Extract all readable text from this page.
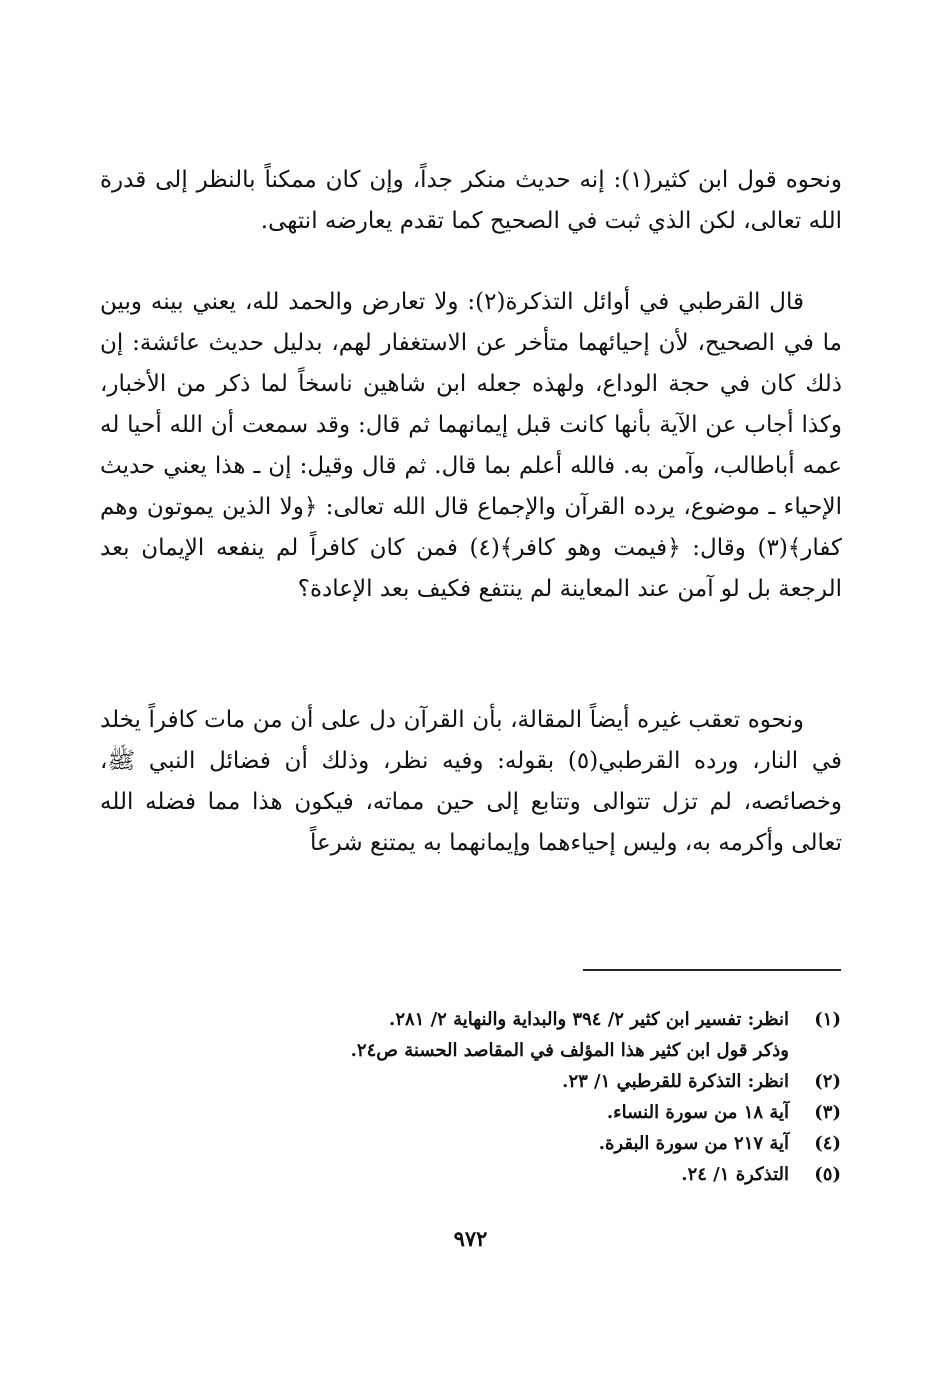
ونحوه قول ابن كثير(١): إنه حديث منكر جداً، وإن كان ممكناً بالنظر إلى قدرة الله تعالى، لكن الذي ثبت في الصحيح كما تقدم يعارضه انتهى.

قال القرطبي في أوائل التذكرة(٢): ولا تعارض والحمد لله، يعني بينه وبين ما في الصحيح، لأن إحيائهما متأخر عن الاستغفار لهم، بدليل حديث عائشة: إن ذلك كان في حجة الوداع، ولهذه جعله ابن شاهين ناسخاً لما ذكر من الأخبار، وكذا أجاب عن الآية بأنها كانت قبل إيمانهما ثم قال: وقد سمعت أن الله أحيا له عمه أباطالب، وآمن به. فالله أعلم بما قال. ثم قال وقيل: إن ـ هذا يعني حديث الإحياء ـ موضوع، يرده القرآن والإجماع قال الله تعالى: ﴿ولا الذين يموتون وهم كفار﴾(٣) وقال: ﴿فيمت وهو كافر﴾(٤) فمن كان كافراً لم ينفعه الإيمان بعد الرجعة بل لو آمن عند المعاينة لم ينتفع فكيف بعد الإعادة؟

ونحوه تعقب غيره أيضاً المقالة، بأن القرآن دل على أن من مات كافراً يخلد في النار، ورده القرطبي(٥) بقوله: وفيه نظر، وذلك أن فضائل النبي ﷺ، وخصائصه، لم تزل تتوالى وتتابع إلى حين مماته، فيكون هذا مما فضله الله تعالى وأكرمه به، وليس إحياءهما وإيمانهما به يمتنع شرعاً

(١)
انظر: تفسير ابن كثير ٢/ ٣٩٤ والبداية والنهاية ٢/ ٢٨١.
وذكر قول ابن كثير هذا المؤلف في المقاصد الحسنة ص٢٤.
(٢)
انظر: التذكرة للقرطبي ١/ ٢٣.
(٣)
آية ١٨ من سورة النساء.
(٤)
آية ٢١٧ من سورة البقرة.
(٥)
التذكرة ١/ ٢٤.
٩٧٢
